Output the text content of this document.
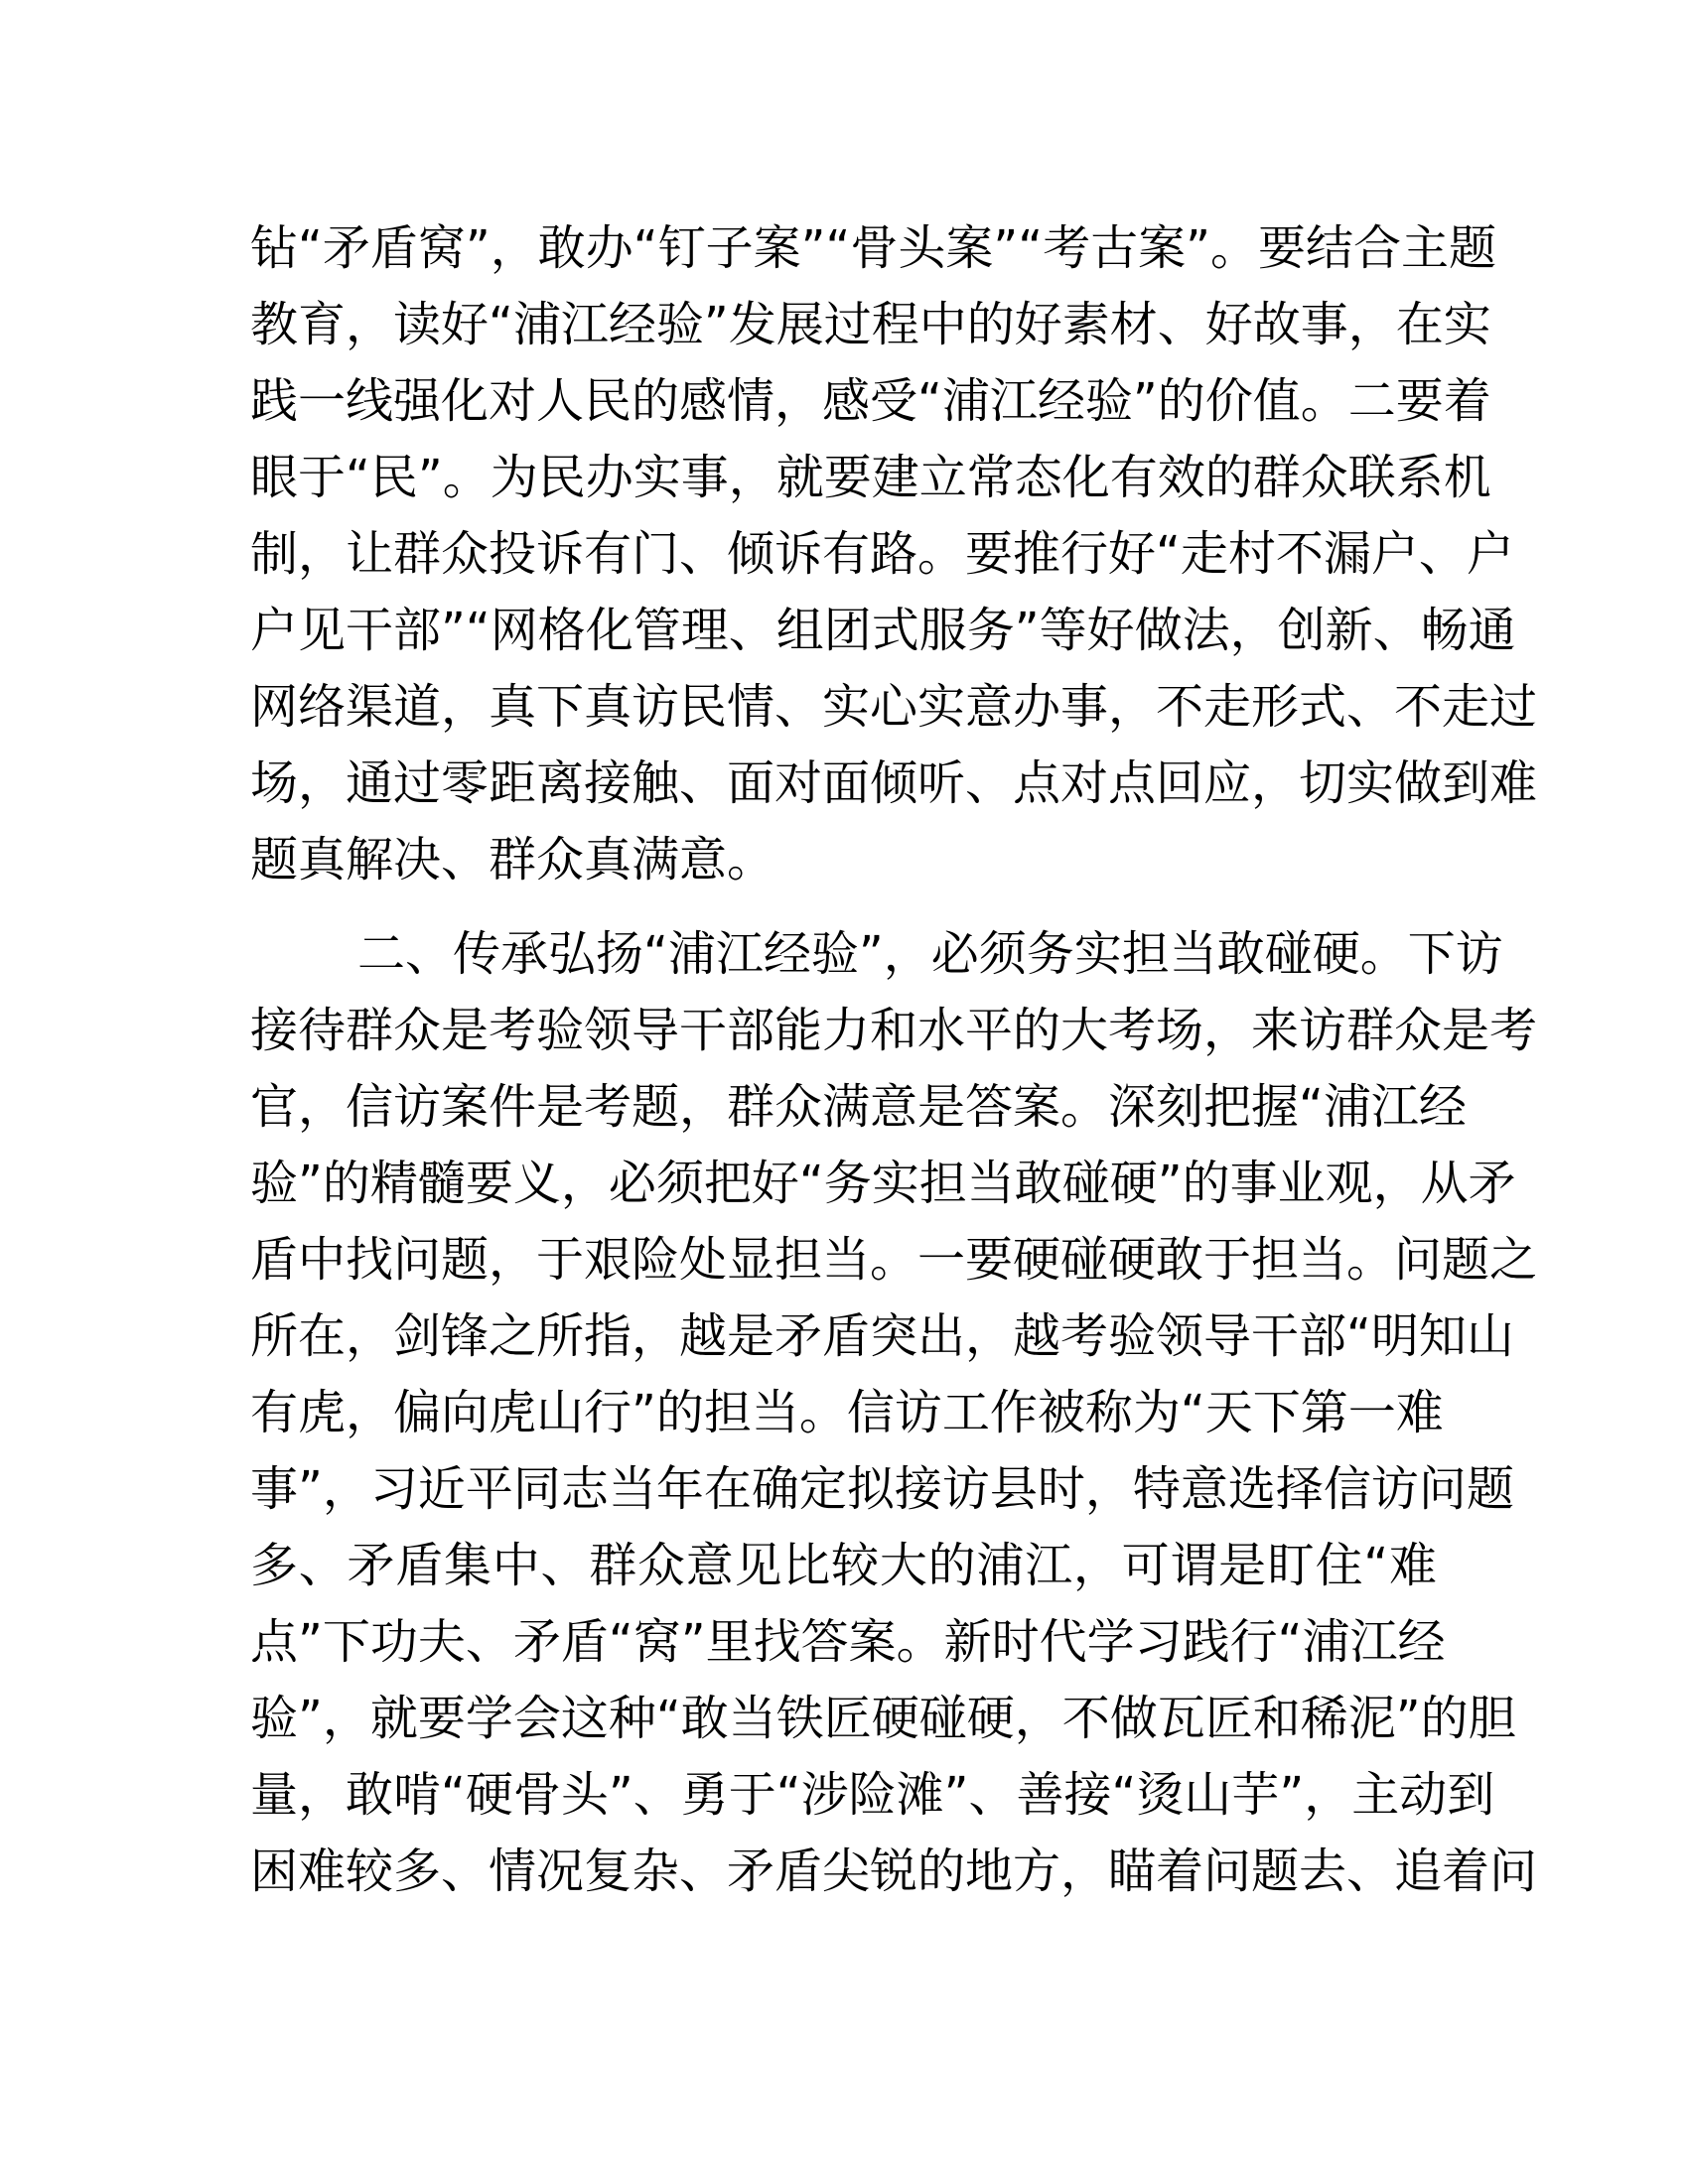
钻“矛盾窝”，敢办“钉子案”“骨头案”“考古案”。要结合主题
教育，读好“浦江经验”发展过程中的好素材、好故事，在实
践一线强化对人民的感情，感受“浦江经验”的价值。二要着
眼于“民”。为民办实事，就要建立常态化有效的群众联系机
制，让群众投诉有门、倾诉有路。要推行好“走村不漏户、户
户见干部”“网格化管理、组团式服务”等好做法，创新、畅通
网络渠道，真下真访民情、实心实意办事，不走形式、不走过
场，通过零距离接触、面对面倾听、点对点回应，切实做到难
题真解决、群众真满意。
二、传承弘扬“浦江经验”，必须务实担当敢碰硬。下访
接待群众是考验领导干部能力和水平的大考场，来访群众是考
官，信访案件是考题，群众满意是答案。深刻把握“浦江经
验”的精髓要义，必须把好“务实担当敢碰硬”的事业观，从矛
盾中找问题，于艰险处显担当。一要硬碰硬敢于担当。问题之
所在，剑锋之所指，越是矛盾突出，越考验领导干部“明知山
有虎，偏向虎山行”的担当。信访工作被称为“天下第一难
事”，习近平同志当年在确定拟接访县时，特意选择信访问题
多、矛盾集中、群众意见比较大的浦江，可谓是盯住“难
点”下功夫、矛盾“窝”里找答案。新时代学习践行“浦江经
验”，就要学会这种“敢当铁匠硬碰硬，不做瓦匠和稀泥”的胆
量，敢啃“硬骨头”、勇于“涉险滩”、善接“烫山芋”，主动到
困难较多、情况复杂、矛盾尖锐的地方，瞄着问题去、追着问
